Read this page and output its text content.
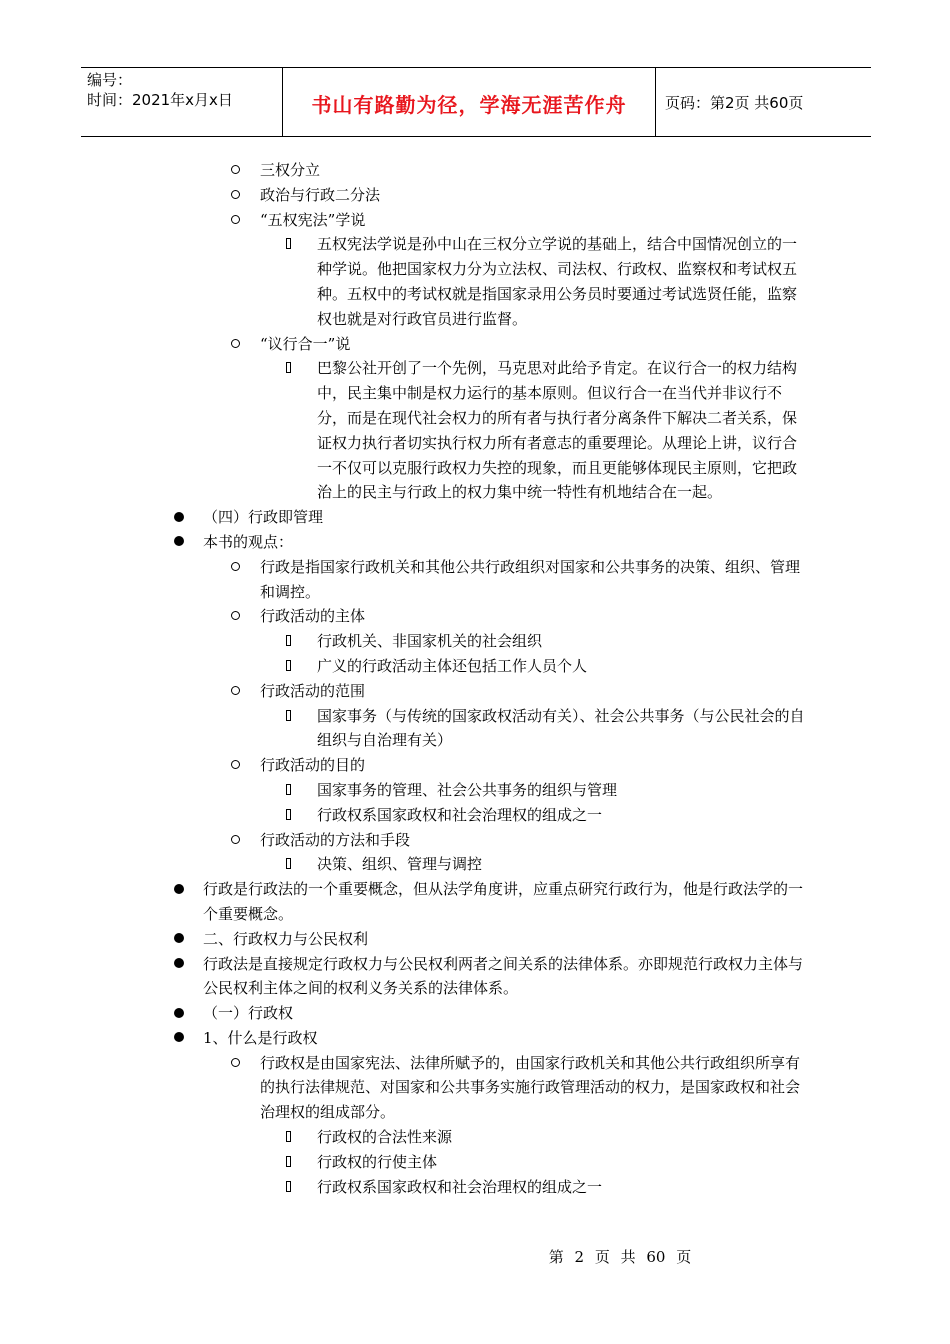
编号：
时间：2021年x月x日	书山有路勤为径，学海无涯苦作舟	页码：第2页 共60页
三权分立
政治与行政二分法
“五权宪法”学说
五权宪法学说是孙中山在三权分立学说的基础上，结合中国情况创立的一种学说。他把国家权力分为立法权、司法权、行政权、监察权和考试权五种。五权中的考试权就是指国家录用公务员时要通过考试选贤任能，监察权也就是对行政官员进行监督。
“议行合一”说
巴黎公社开创了一个先例，马克思对此给予肯定。在议行合一的权力结构中，民主集中制是权力运行的基本原则。但议行合一在当代并非议行不分，而是在现代社会权力的所有者与执行者分离条件下解决二者关系，保证权力执行者切实执行权力所有者意志的重要理论。从理论上讲，议行合一不仅可以克服行政权力失控的现象，而且更能够体现民主原则，它把政治上的民主与行政上的权力集中统一特性有机地结合在一起。
（四）行政即管理
本书的观点：
行政是指国家行政机关和其他公共行政组织对国家和公共事务的决策、组织、管理和调控。
行政活动的主体
行政机关、非国家机关的社会组织
广义的行政活动主体还包括工作人员个人
行政活动的范围
国家事务（与传统的国家政权活动有关）、社会公共事务（与公民社会的自组织与自治理有关）
行政活动的目的
国家事务的管理、社会公共事务的组织与管理
行政权系国家政权和社会治理权的组成之一
行政活动的方法和手段
决策、组织、管理与调控
行政是行政法的一个重要概念，但从法学角度讲，应重点研究行政行为，他是行政法学的一个重要概念。
二、行政权力与公民权利
行政法是直接规定行政权力与公民权利两者之间关系的法律体系。亦即规范行政权力主体与公民权利主体之间的权利义务关系的法律体系。
（一）行政权
1、什么是行政权
行政权是由国家宪法、法律所赋予的，由国家行政机关和其他公共行政组织所享有的执行法律规范、对国家和公共事务实施行政管理活动的权力，是国家政权和社会治理权的组成部分。
行政权的合法性来源
行政权的行使主体
行政权系国家政权和社会治理权的组成之一
第 2 页 共 60 页
